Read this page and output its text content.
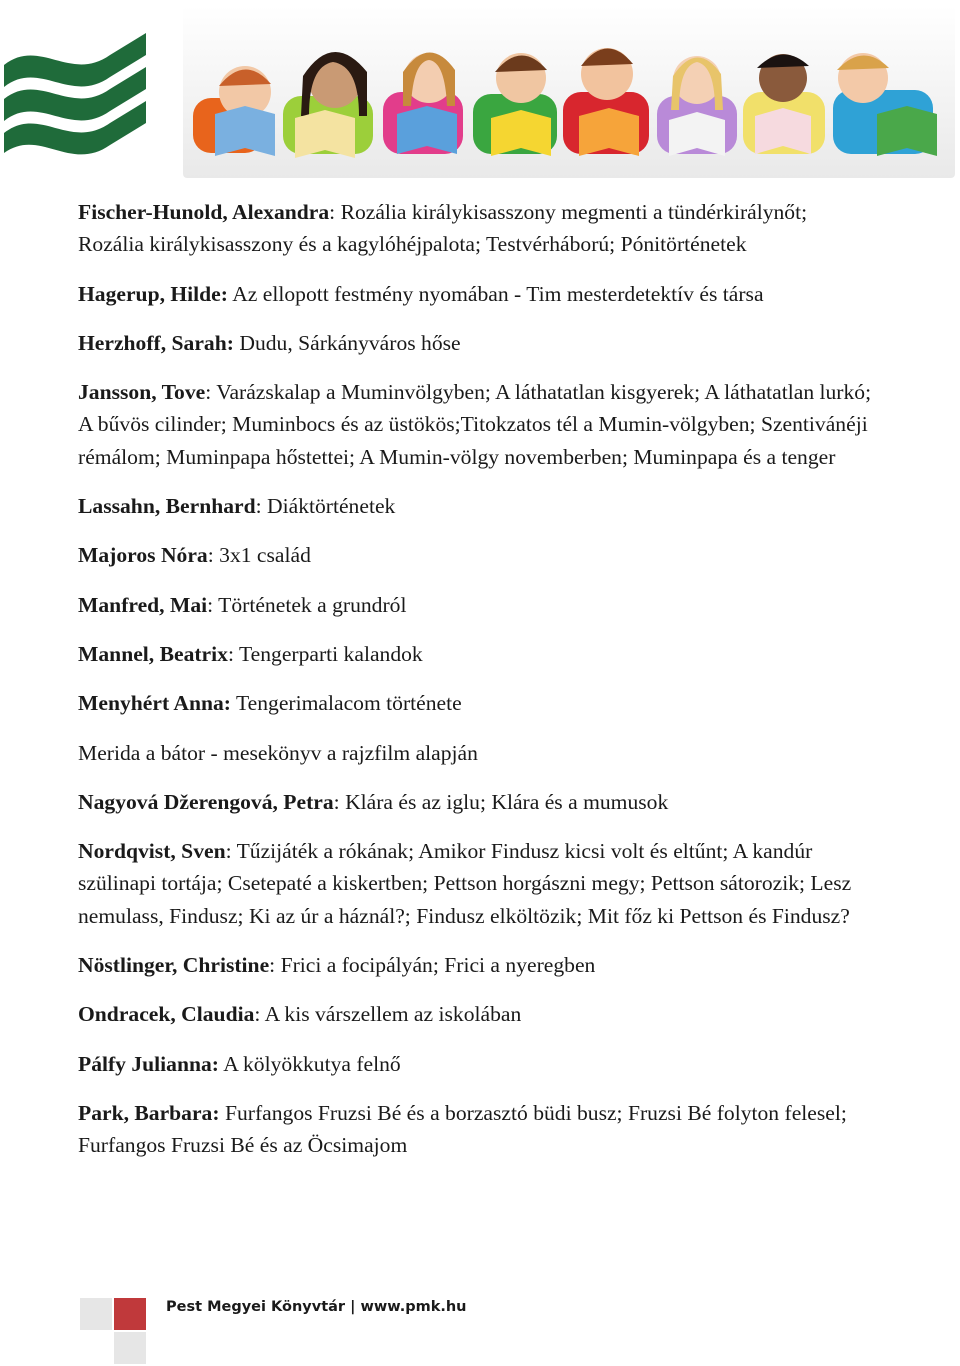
Fischer-Hunold, Alexandra: Rozália királykisasszony megmenti a tündérkirálynőt; Rozália királykisasszony és a kagylóhéjpalota; Testvérháború; Pónitörténetek

Hagerup, Hilde: Az ellopott festmény nyomában - Tim mesterdetektív és társa

Herzhoff, Sarah: Dudu, Sárkányváros hőse

Jansson, Tove: Varázskalap a Muminvölgyben; A láthatatlan kisgyerek; A láthatatlan lurkó; A bűvös cilinder; Muminbocs és az üstökös;Titokzatos tél a Mumin-völgyben; Szentivánéji rémálom; Muminpapa hőstettei; A Mumin-völgy novemberben; Muminpapa és a tenger

Lassahn, Bernhard: Diáktörténetek

Majoros Nóra: 3x1 család

Manfred, Mai: Történetek a grundról

Mannel, Beatrix: Tengerparti kalandok

Menyhért Anna: Tengerimalacom története

Merida a bátor - mesekönyv a rajzfilm alapján

Nagyová Džerengová, Petra: Klára és az iglu; Klára és a mumusok

Nordqvist, Sven: Tűzijáték a rókának; Amikor Findusz kicsi volt és eltűnt; A kandúr szülinapi tortája; Csetepaté a kiskertben; Pettson horgászni megy; Pettson sátorozik; Lesz nemulass, Findusz; Ki az úr a háznál?; Findusz elköltözik; Mit főz ki Pettson és Findusz?

Nöstlinger, Christine: Frici a focipályán; Frici a nyeregben

Ondracek, Claudia: A kis várszellem az iskolában

Pálfy Julianna: A kölyökkutya felnő

Park, Barbara: Furfangos Fruzsi Bé és a borzasztó büdi busz; Fruzsi Bé folyton felesel; Furfangos Fruzsi Bé és az Öcsimajom

Pest Megyei Könyvtár | www.pmk.hu
